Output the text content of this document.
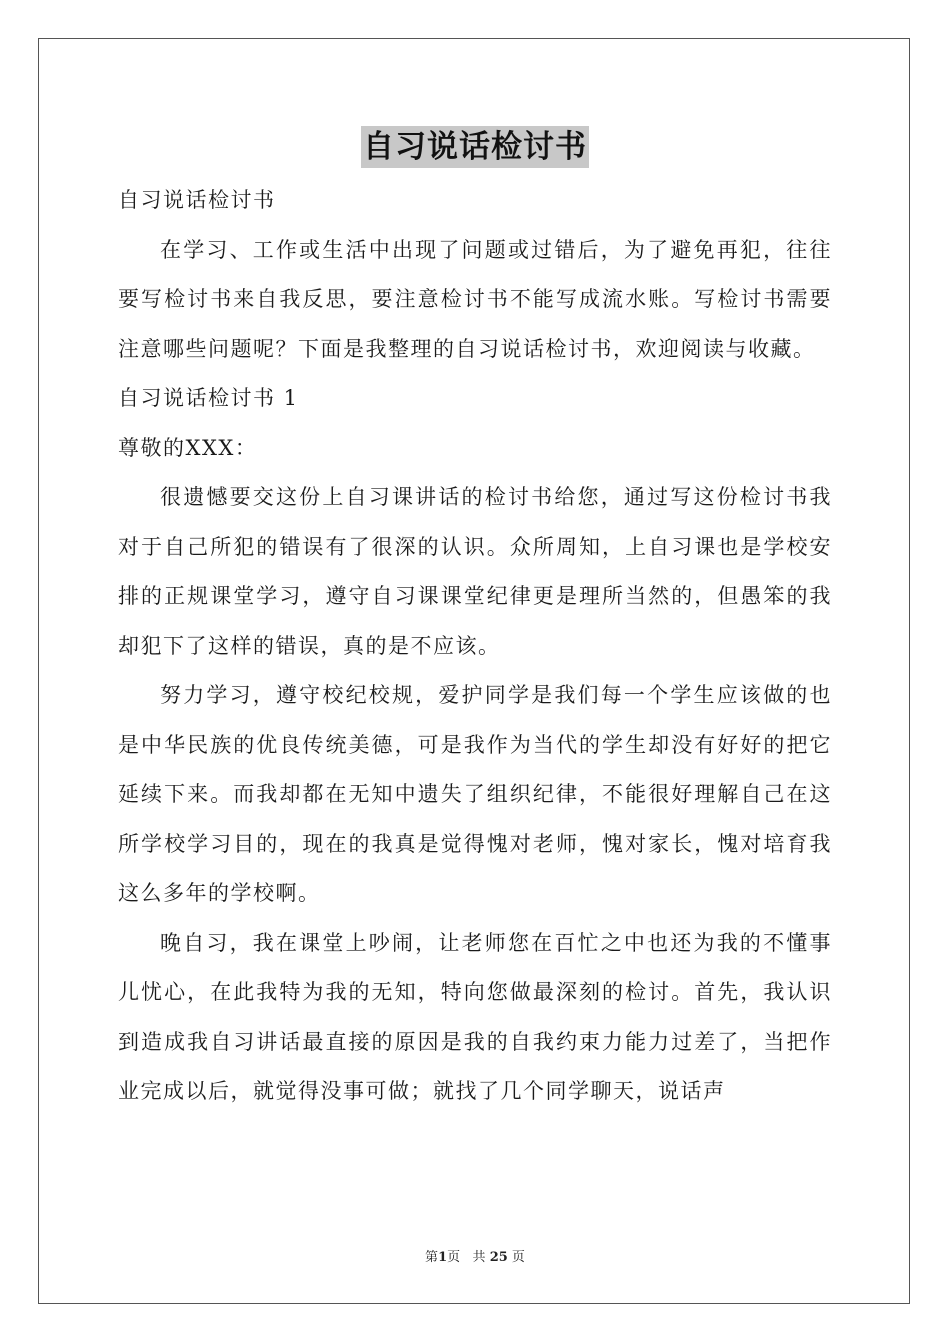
自习说话检讨书

自习说话检讨书

在学习、工作或生活中出现了问题或过错后，为了避免再犯，往往要写检讨书来自我反思，要注意检讨书不能写成流水账。写检讨书需要注意哪些问题呢？下面是我整理的自习说话检讨书，欢迎阅读与收藏。

自习说话检讨书 1

尊敬的XXX：

很遗憾要交这份上自习课讲话的检讨书给您，通过写这份检讨书我对于自己所犯的错误有了很深的认识。众所周知，上自习课也是学校安排的正规课堂学习，遵守自习课课堂纪律更是理所当然的，但愚笨的我却犯下了这样的错误，真的是不应该。

努力学习，遵守校纪校规，爱护同学是我们每一个学生应该做的也是中华民族的优良传统美德，可是我作为当代的学生却没有好好的把它延续下来。而我却都在无知中遗失了组织纪律，不能很好理解自己在这所学校学习目的，现在的我真是觉得愧对老师，愧对家长，愧对培育我这么多年的学校啊。

晚自习，我在课堂上吵闹，让老师您在百忙之中也还为我的不懂事儿忧心，在此我特为我的无知，特向您做最深刻的检讨。首先，我认识到造成我自习讲话最直接的原因是我的自我约束力能力过差了，当把作业完成以后，就觉得没事可做；就找了几个同学聊天，说话声

第1页 共 25 页
